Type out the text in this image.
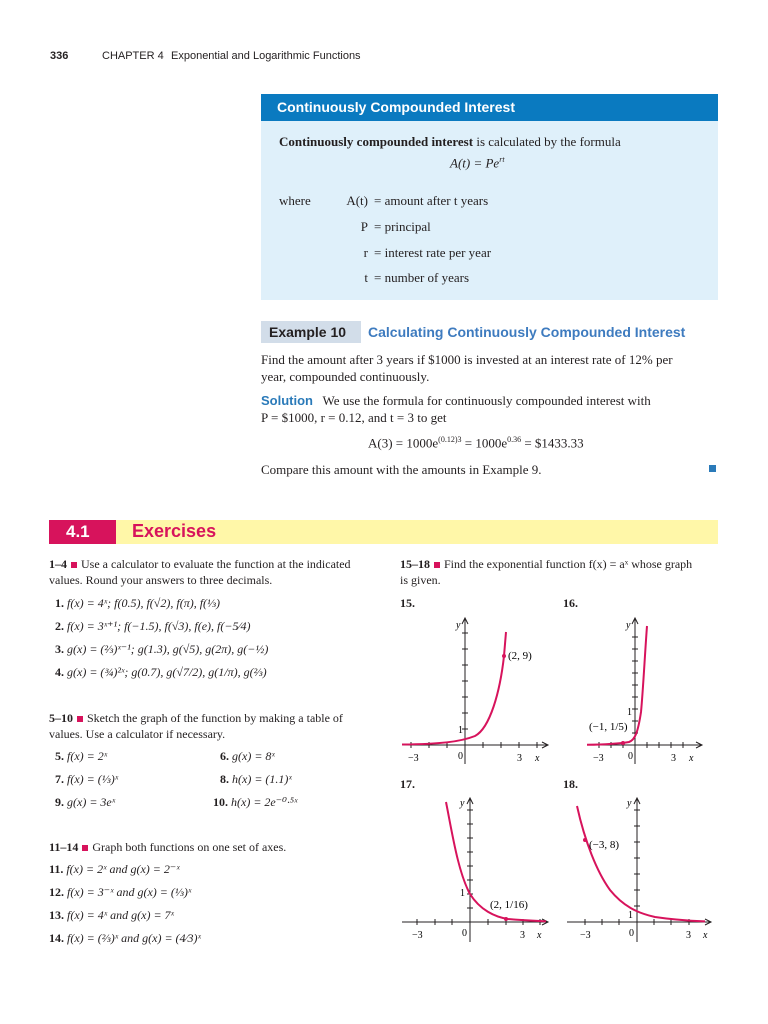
336	CHAPTER 4 Exponential and Logarithmic Functions
Continuously Compounded Interest
Continuously compounded interest is calculated by the formula
$A(t) = Pe^{rt}$
where	A(t) = amount after t years
P = principal
r = interest rate per year
t = number of years
Example 10 Calculating Continuously Compounded Interest
Find the amount after 3 years if $1000 is invested at an interest rate of 12% per
year, compounded continuously.
Solution We use the formula for continuously compounded interest with
P = $1000, r = 0.12, and t = 3 to get
$A(3) = 1000e^{(0.12)3} = 1000e^{0.36}$ = $1433.33
Compare this amount with the amounts in Example 9.
4.1 Exercises
1–4 Use a calculator to evaluate the function at the indicated
values. Round your answers to three decimals.
1. f(x) = 4ˣ; f(0.5), f(√2), f(π), f(⅓)
2. f(x) = 3ˣ⁺¹; f(−1.5), f(√3), f(e), f(−5⁄4)
3. g(x) = (⅔)ˣ⁻¹; g(1.3), g(√5), g(2π), g(−½)
4. g(x) = (¾)²ˣ; g(0.7), g(√7/2), g(1/π), g(⅔)
5–10 Sketch the graph of the function by making a table of
values. Use a calculator if necessary.
5. f(x) = 2ˣ	6. g(x) = 8ˣ
7. f(x) = (⅓)ˣ	8. h(x) = (1.1)ˣ
9. g(x) = 3eˣ	10. h(x) = 2e⁻⁰·⁵ˣ
11–14 Graph both functions on one set of axes.
11. f(x) = 2ˣ and g(x) = 2⁻ˣ
12. f(x) = 3⁻ˣ and g(x) = (⅓)ˣ
13. f(x) = 4ˣ and g(x) = 7ˣ
14. f(x) = (⅔)ˣ and g(x) = (4⁄3)ˣ
15–18 Find the exponential function f(x) = aˣ whose graph
is given.
15.	16.
17.	18.
(2, 9)
1
−3	0	3 x
y
(−1, 1/5)
1
−3 0	3 x
y
(2, 1/16)
1
−3	0	3 x
y
(−3, 8)
1
−3	0	3 x
y
